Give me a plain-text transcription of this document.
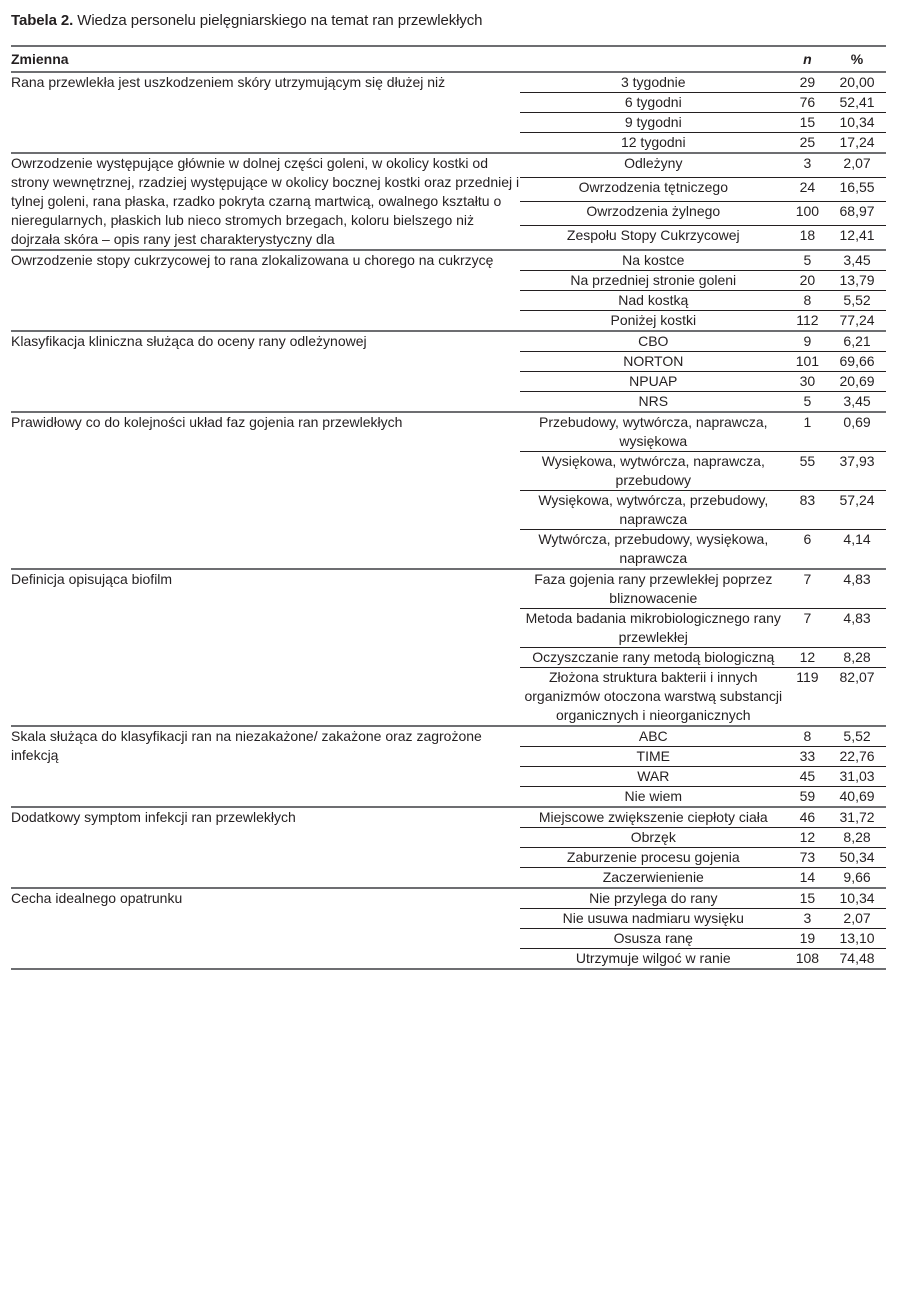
Tabela 2. Wiedza personelu pielęgniarskiego na temat ran przewlekłych
Zmienna		n	%
Rana przewlekła jest uszkodzeniem skóry utrzymującym się dłużej niż	3 tygodnie	29	20,00
	6 tygodni	76	52,41
	9 tygodni	15	10,34
	12 tygodni	25	17,24
Owrzodzenie występujące głównie w dolnej części goleni, w okolicy kostki od strony wewnętrznej, rzadziej występujące w okolicy bocznej kostki oraz przedniej i tylnej goleni, rana płaska, rzadko pokryta czarną martwicą, owalnego kształtu o nieregularnych, płaskich lub nieco stromych brzegach, koloru bielszego niż dojrzała skóra – opis rany jest charakterystyczny dla	Odleżyny	3	2,07
	Owrzodzenia tętniczego	24	16,55
	Owrzodzenia żylnego	100	68,97
	Zespołu Stopy Cukrzycowej	18	12,41
Owrzodzenie stopy cukrzycowej to rana zlokalizowana u chorego na cukrzycę	Na kostce	5	3,45
	Na przedniej stronie goleni	20	13,79
	Nad kostką	8	5,52
	Poniżej kostki	112	77,24
Klasyfikacja kliniczna służąca do oceny rany odleżynowej	CBO	9	6,21
	NORTON	101	69,66
	NPUAP	30	20,69
	NRS	5	3,45
Prawidłowy co do kolejności układ faz gojenia ran przewlekłych	Przebudowy, wytwórcza, naprawcza, wysiękowa	1	0,69
	Wysiękowa, wytwórcza, naprawcza, przebudowy	55	37,93
	Wysiękowa, wytwórcza, przebudowy, naprawcza	83	57,24
	Wytwórcza, przebudowy, wysiękowa, naprawcza	6	4,14
Definicja opisująca biofilm	Faza gojenia rany przewlekłej poprzez bliznowacenie	7	4,83
	Metoda badania mikrobiologicznego rany przewlekłej	7	4,83
	Oczyszczanie rany metodą biologiczną	12	8,28
	Złożona struktura bakterii i innych organizmów otoczona warstwą substancji organicznych i nieorganicznych	119	82,07
Skala służąca do klasyfikacji ran na niezakażone/ zakażone oraz zagrożone infekcją	ABC	8	5,52
	TIME	33	22,76
	WAR	45	31,03
	Nie wiem	59	40,69
Dodatkowy symptom infekcji ran przewlekłych	Miejscowe zwiększenie ciepłoty ciała	46	31,72
	Obrzęk	12	8,28
	Zaburzenie procesu gojenia	73	50,34
	Zaczerwienienie	14	9,66
Cecha idealnego opatrunku	Nie przylega do rany	15	10,34
	Nie usuwa nadmiaru wysięku	3	2,07
	Osusza ranę	19	13,10
	Utrzymuje wilgoć w ranie	108	74,48
